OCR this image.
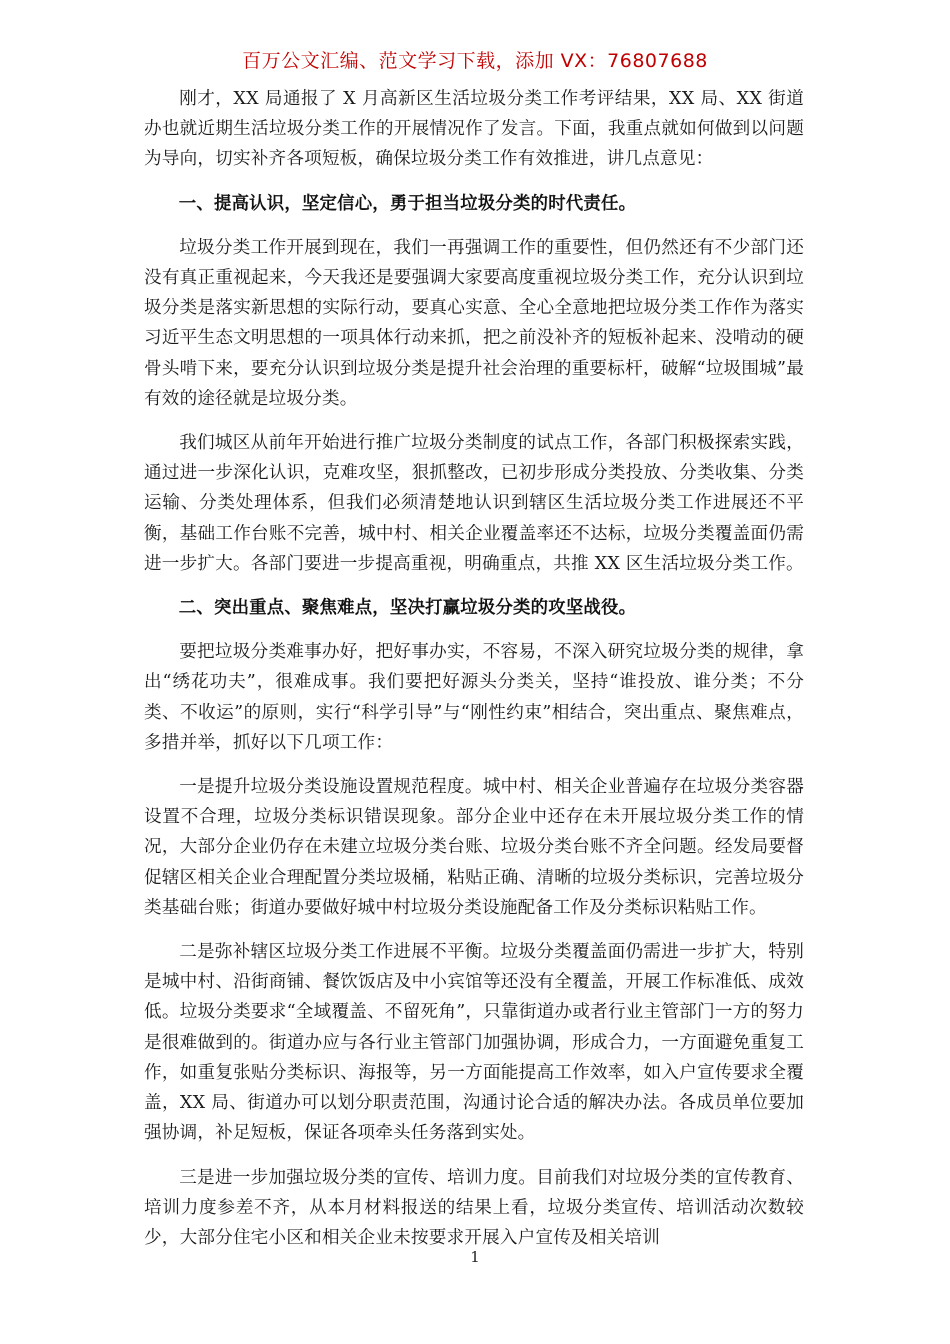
百万公文汇编、范文学习下载，添加 VX：76807688

刚才，XX 局通报了 X 月高新区生活垃圾分类工作考评结果，XX 局、XX 街道办也就近期生活垃圾分类工作的开展情况作了发言。下面，我重点就如何做到以问题为导向，切实补齐各项短板，确保垃圾分类工作有效推进，讲几点意见：

一、提高认识，坚定信心，勇于担当垃圾分类的时代责任。

垃圾分类工作开展到现在，我们一再强调工作的重要性，但仍然还有不少部门还没有真正重视起来，今天我还是要强调大家要高度重视垃圾分类工作，充分认识到垃圾分类是落实新思想的实际行动，要真心实意、全心全意地把垃圾分类工作作为落实习近平生态文明思想的一项具体行动来抓，把之前没补齐的短板补起来、没啃动的硬骨头啃下来，要充分认识到垃圾分类是提升社会治理的重要标杆，破解“垃圾围城”最有效的途径就是垃圾分类。

我们城区从前年开始进行推广垃圾分类制度的试点工作，各部门积极探索实践，通过进一步深化认识，克难攻坚，狠抓整改，已初步形成分类投放、分类收集、分类运输、分类处理体系，但我们必须清楚地认识到辖区生活垃圾分类工作进展还不平衡，基础工作台账不完善，城中村、相关企业覆盖率还不达标，垃圾分类覆盖面仍需进一步扩大。各部门要进一步提高重视，明确重点，共推 XX 区生活垃圾分类工作。

二、突出重点、聚焦难点，坚决打赢垃圾分类的攻坚战役。

要把垃圾分类难事办好，把好事办实，不容易，不深入研究垃圾分类的规律，拿出“绣花功夫”，很难成事。我们要把好源头分类关，坚持“谁投放、谁分类；不分类、不收运”的原则，实行“科学引导”与“刚性约束”相结合，突出重点、聚焦难点，多措并举，抓好以下几项工作：

一是提升垃圾分类设施设置规范程度。城中村、相关企业普遍存在垃圾分类容器设置不合理，垃圾分类标识错误现象。部分企业中还存在未开展垃圾分类工作的情况，大部分企业仍存在未建立垃圾分类台账、垃圾分类台账不齐全问题。经发局要督促辖区相关企业合理配置分类垃圾桶，粘贴正确、清晰的垃圾分类标识，完善垃圾分类基础台账；街道办要做好城中村垃圾分类设施配备工作及分类标识粘贴工作。

二是弥补辖区垃圾分类工作进展不平衡。垃圾分类覆盖面仍需进一步扩大，特别是城中村、沿街商铺、餐饮饭店及中小宾馆等还没有全覆盖，开展工作标准低、成效低。垃圾分类要求“全域覆盖、不留死角”，只靠街道办或者行业主管部门一方的努力是很难做到的。街道办应与各行业主管部门加强协调，形成合力，一方面避免重复工作，如重复张贴分类标识、海报等，另一方面能提高工作效率，如入户宣传要求全覆盖，XX 局、街道办可以划分职责范围，沟通讨论合适的解决办法。各成员单位要加强协调，补足短板，保证各项牵头任务落到实处。

三是进一步加强垃圾分类的宣传、培训力度。目前我们对垃圾分类的宣传教育、培训力度参差不齐，从本月材料报送的结果上看，垃圾分类宣传、培训活动次数较少，大部分住宅小区和相关企业未按要求开展入户宣传及相关培训

1
